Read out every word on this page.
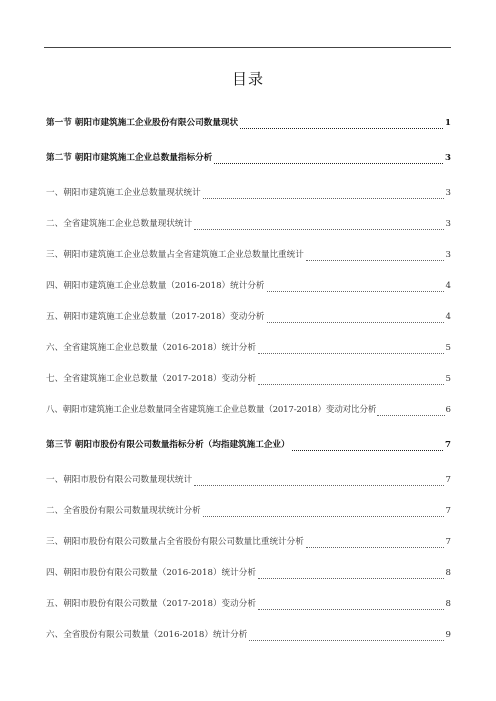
目录
第一节 朝阳市建筑施工企业股份有限公司数量现状	1
第二节 朝阳市建筑施工企业总数量指标分析	3
一、朝阳市建筑施工企业总数量现状统计	3
二、全省建筑施工企业总数量现状统计	3
三、朝阳市建筑施工企业总数量占全省建筑施工企业总数量比重统计	3
四、朝阳市建筑施工企业总数量（2016-2018）统计分析	4
五、朝阳市建筑施工企业总数量（2017-2018）变动分析	4
六、全省建筑施工企业总数量（2016-2018）统计分析	5
七、全省建筑施工企业总数量（2017-2018）变动分析	5
八、朝阳市建筑施工企业总数量同全省建筑施工企业总数量（2017-2018）变动对比分析	6
第三节 朝阳市股份有限公司数量指标分析（均指建筑施工企业）	7
一、朝阳市股份有限公司数量现状统计	7
二、全省股份有限公司数量现状统计分析	7
三、朝阳市股份有限公司数量占全省股份有限公司数量比重统计分析	7
四、朝阳市股份有限公司数量（2016-2018）统计分析	8
五、朝阳市股份有限公司数量（2017-2018）变动分析	8
六、全省股份有限公司数量（2016-2018）统计分析	9
